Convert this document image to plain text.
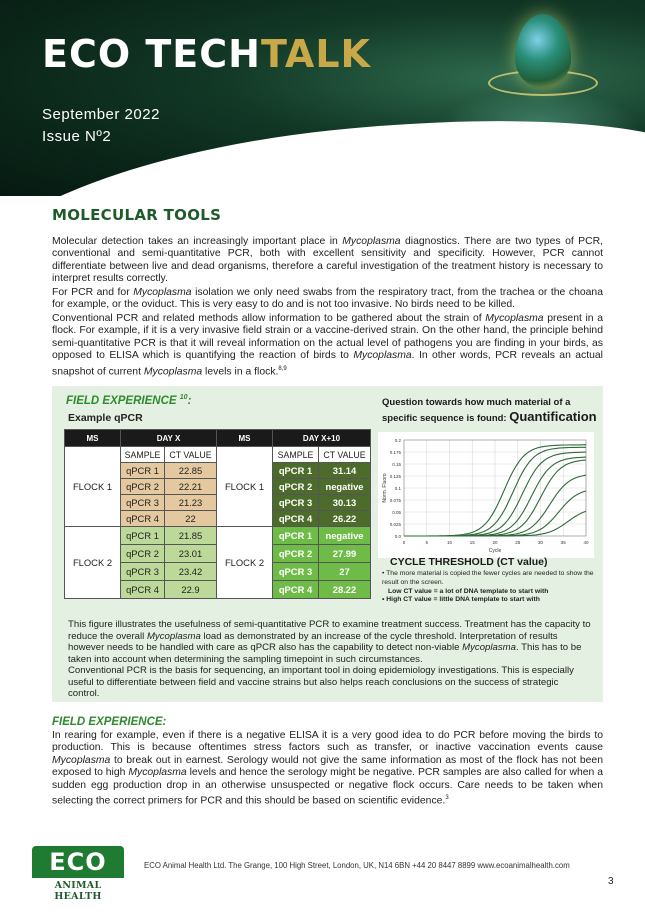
ECO TECHTALK
September 2022
Issue Nº2
MOLECULAR TOOLS
Molecular detection takes an increasingly important place in Mycoplasma diagnostics. There are two types of PCR, conventional and semi-quantitative PCR, both with excellent sensitivity and specificity. However, PCR cannot differentiate between live and dead organisms, therefore a careful investigation of the treatment history is necessary to interpret results correctly.
For PCR and for Mycoplasma isolation we only need swabs from the respiratory tract, from the trachea or the choana for example, or the oviduct. This is very easy to do and is not too invasive. No birds need to be killed.
Conventional PCR and related methods allow information to be gathered about the strain of Mycoplasma present in a flock. For example, if it is a very invasive field strain or a vaccine-derived strain. On the other hand, the principle behind semi-quantitative PCR is that it will reveal information on the actual level of pathogens you are finding in your birds, as opposed to ELISA which is quantifying the reaction of birds to Mycoplasma. In other words, PCR reveals an actual snapshot of current Mycoplasma levels in a flock.$^{8,9}$
FIELD EXPERIENCE $^{10}$:
Example qPCR
MS	DAY X		MS	DAY X+10	
FLOCK 1	SAMPLE	CT VALUE	FLOCK 1	SAMPLE	CT VALUE
	qPCR 1	22.85		qPCR 1	31.14
	qPCR 2	22.21		qPCR 2	negative
	qPCR 3	21.23		qPCR 3	30.13
	qPCR 4	22		qPCR 4	26.22
FLOCK 2	qPCR 1	21.85	FLOCK 2	qPCR 1	negative
	qPCR 2	23.01		qPCR 2	27.99
	qPCR 3	23.42		qPCR 3	27
	qPCR 4	22.9		qPCR 4	28.22
Question towards how much material of a specific sequence is found: Quantification
0.0
0.025
0.05
0.075
0.1
0.125
0.15
0.175
0.2
0	5	10	15	20	25	30	35	40
Cycle
Norm. Fluoro
CYCLE THRESHOLD (CT value)
• The more material is copied the fewer cycles are needed to show the result on the screen.
Low CT value = a lot of DNA template to start with
• High CT value = little DNA template to start with
This figure illustrates the usefulness of semi-quantitative PCR to examine treatment success. Treatment has the capacity to reduce the overall Mycoplasma load as demonstrated by an increase of the cycle threshold. Interpretation of results however needs to be handled with care as qPCR also has the capability to detect non-viable Mycoplasma. This has to be taken into account when determining the sampling timepoint in such circumstances.
Conventional PCR is the basis for sequencing, an important tool in doing epidemiology investigations. This is especially useful to differentiate between field and vaccine strains but also helps reach conclusions on the success of strategic control.
FIELD EXPERIENCE:
In rearing for example, even if there is a negative ELISA it is a very good idea to do PCR before moving the birds to production. This is because oftentimes stress factors such as transfer, or inactive vaccination events cause Mycoplasma to break out in earnest. Serology would not give the same information as most of the flock has not been exposed to high Mycoplasma levels and hence the serology might be negative. PCR samples are also called for when a sudden egg production drop in an otherwise unsuspected or negative flock occurs. Care needs to be taken when selecting the correct primers for PCR and this should be based on scientific evidence.$^3$
ECO
ANIMAL HEALTH
ECO Animal Health Ltd. The Grange, 100 High Street, London, UK, N14 6BN +44 20 8447 8899 www.ecoanimalhealth.com
3
